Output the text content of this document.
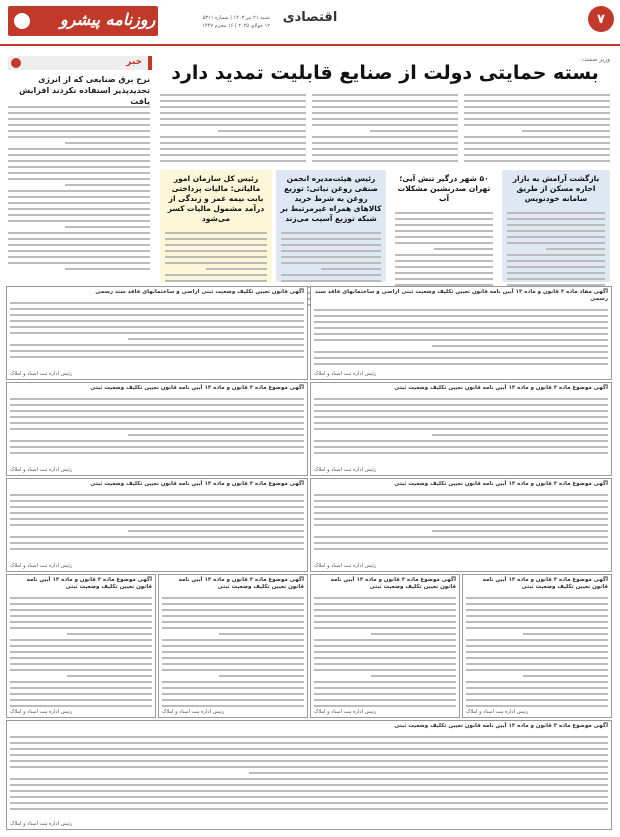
۷
اقتصادی
شنبه ۲۱ تیر ۱۴۰۳ | شماره ۵۳۱۱
۱۲ جولای ۲۰۲۵ | ۱۶ محرم ۱۴۴۷
روزنامه پیشرو
خبر
نرخ برق صنایعی که از انرژی تجدیدپذیر استفاده نکردند افزایش یافت
وزیر صمت:
بسته حمایتی دولت از صنایع قابلیت تمدید دارد
بازگشت آرامش به بازار اجاره مسکن از طریق سامانه خودنویس
۵۰ شهر درگیر تنش آبی؛ تهران صدرنشین مشکلات آب
رئیس هیئت‌مدیره انجمن صنفی روغن نباتی: توزیع روغن به شرط خرید کالاهای همراه غیرمرتبط بر شبکه توزیع آسیب می‌زند
رئیس کل سازمان امور مالیاتی: مالیات پرداختی بابت بیمه عمر و زندگی از درآمد مشمول مالیات کسر می‌شود
آگهی مفاد ماده ۳ قانون و ماده ۱۳ آیین نامه قانون تعیین تکلیف وضعیت ثبتی اراضی و ساختمانهای فاقد سند رسمی
رئیس اداره ثبت اسناد و املاک
آگهی قانون تعیین تکلیف وضعیت ثبتی اراضی و ساختمانهای فاقد سند رسمی
رئیس اداره ثبت اسناد و املاک
آگهی موضوع ماده ۳ قانون و ماده ۱۳ آیین نامه قانون تعیین تکلیف وضعیت ثبتی
رئیس اداره ثبت اسناد و املاک
آگهی موضوع ماده ۳ قانون و ماده ۱۳ آیین نامه قانون تعیین تکلیف وضعیت ثبتی
رئیس اداره ثبت اسناد و املاک
آگهی موضوع ماده ۳ قانون و ماده ۱۳ آیین نامه قانون تعیین تکلیف وضعیت ثبتی
رئیس اداره ثبت اسناد و املاک
آگهی موضوع ماده ۳ قانون و ماده ۱۳ آیین نامه قانون تعیین تکلیف وضعیت ثبتی
رئیس اداره ثبت اسناد و املاک
آگهی موضوع ماده ۳ قانون و ماده ۱۳ آیین نامه قانون تعیین تکلیف وضعیت ثبتی
رئیس اداره ثبت اسناد و املاک
آگهی موضوع ماده ۳ قانون و ماده ۱۳ آیین نامه قانون تعیین تکلیف وضعیت ثبتی
رئیس اداره ثبت اسناد و املاک
آگهی موضوع ماده ۳ قانون و ماده ۱۳ آیین نامه قانون تعیین تکلیف وضعیت ثبتی
رئیس اداره ثبت اسناد و املاک
آگهی موضوع ماده ۳ قانون و ماده ۱۳ آیین نامه قانون تعیین تکلیف وضعیت ثبتی
رئیس اداره ثبت اسناد و املاک
آگهی موضوع ماده ۳ قانون و ماده ۱۳ آیین نامه قانون تعیین تکلیف وضعیت ثبتی
رئیس اداره ثبت اسناد و املاک
